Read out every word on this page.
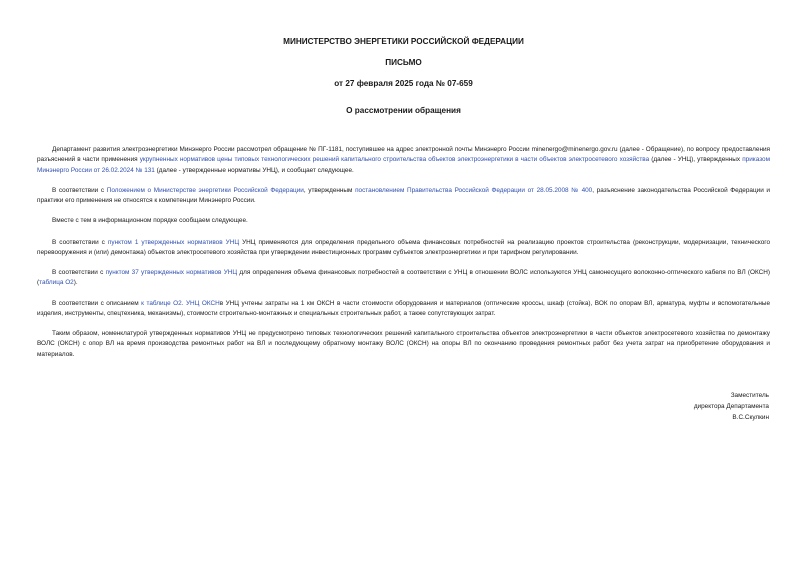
МИНИСТЕРСТВО ЭНЕРГЕТИКИ РОССИЙСКОЙ ФЕДЕРАЦИИ
ПИСЬМО
от 27 февраля 2025 года № 07-659
О рассмотрении обращения
Департамент развития электроэнергетики Минэнерго России рассмотрел обращение № ПГ-1181, поступившее на адрес электронной почты Минэнерго России minenergo@minenergo.gov.ru (далее - Обращение), по вопросу предоставления разъяснений в части применения укрупненных нормативов цены типовых технологических решений капитального строительства объектов электроэнергетики в части объектов электросетевого хозяйства (далее - УНЦ), утвержденных приказом Минэнерго России от 26.02.2024 № 131 (далее - утвержденные нормативы УНЦ), и сообщает следующее.
В соответствии с Положением о Министерстве энергетики Российской Федерации, утвержденным постановлением Правительства Российской Федерации от 28.05.2008 № 400, разъяснение законодательства Российской Федерации и практики его применения не относятся к компетенции Минэнерго России.
Вместе с тем в информационном порядке сообщаем следующее.
В соответствии с пунктом 1 утвержденных нормативов УНЦ УНЦ применяются для определения предельного объема финансовых потребностей на реализацию проектов строительства (реконструкции, модернизации, технического перевооружения и (или) демонтажа) объектов электросетевого хозяйства при утверждении инвестиционных программ субъектов электроэнергетики и при тарифном регулировании.
В соответствии с пунктом 37 утвержденных нормативов УНЦ для определения объема финансовых потребностей в соответствии с УНЦ в отношении ВОЛС используются УНЦ самонесущего волоконно-оптического кабеля по ВЛ (ОКСН) (таблица О2).
В соответствии с описанием к таблице О2. УНЦ ОКСНв УНЦ учтены затраты на 1 км ОКСН в части стоимости оборудования и материалов (оптические кроссы, шкаф (стойка), ВОК по опорам ВЛ, арматура, муфты и вспомогательные изделия, инструменты, спецтехника, механизмы), стоимости строительно-монтажных и специальных строительных работ, а также сопутствующих затрат.
Таким образом, номенклатурой утвержденных нормативов УНЦ не предусмотрено типовых технологических решений капитального строительства объектов электроэнергетики в части объектов электросетевого хозяйства по демонтажу ВОЛС (ОКСН) с опор ВЛ на время производства ремонтных работ на ВЛ и последующему обратному монтажу ВОЛС (ОКСН) на опоры ВЛ по окончанию проведения ремонтных работ без учета затрат на приобретение оборудования и материалов.
Заместитель
директора Департамента
В.С.Скулкин
